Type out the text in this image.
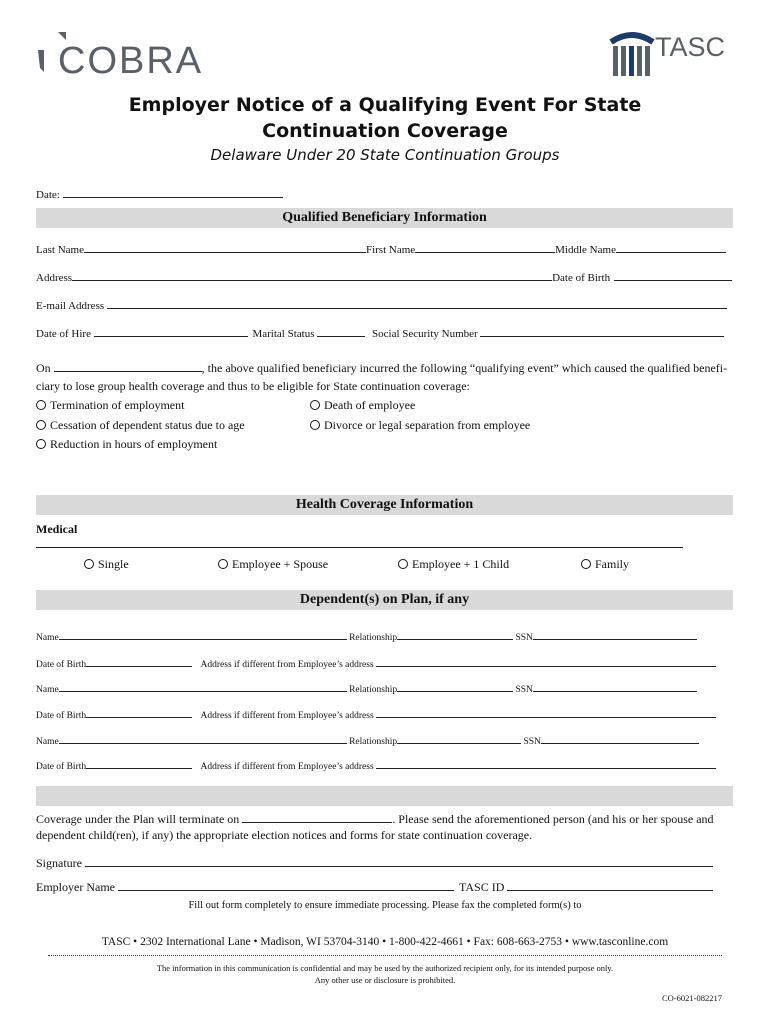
COBRA	TASC
Employer Notice of a Qualifying Event For State
Continuation Coverage
Delaware Under 20 State Continuation Groups
Date:
Qualified Beneficiary Information
Last Name	First Name	Middle Name
Address	Date of Birth
E-mail Address
Date of Hire	Marital Status	Social Security Number
On	, the above qualified beneficiary incurred the following “qualifying event” which caused the qualified benefi-
ciary to lose group health coverage and thus to be eligible for State continuation coverage:
Termination of employment	Death of employee
Cessation of dependent status due to age	Divorce or legal separation from employee
Reduction in hours of employment
Health Coverage Information
Medical
Single	Employee + Spouse	Employee + 1 Child	Family
Dependent(s) on Plan, if any
Name	Relationship	SSN
Date of Birth	Address if different from Employee’s address
Name	Relationship	SSN
Date of Birth	Address if different from Employee’s address
Name	Relationship	SSN
Date of Birth	Address if different from Employee’s address
Coverage under the Plan will terminate on	. Please send the aforementioned person (and his or her spouse and
dependent child(ren), if any) the appropriate election notices and forms for state continuation coverage.
Signature
Employer Name	TASC ID
Fill out form completely to ensure immediate processing. Please fax the completed form(s) to
TASC • 2302 International Lane • Madison, WI 53704-3140 • 1-800-422-4661 • Fax: 608-663-2753 • www.tasconline.com
The information in this communication is confidential and may be used by the authorized recipient only, for its intended purpose only.
Any other use or disclosure is prohibited.
CO-6021-082217
